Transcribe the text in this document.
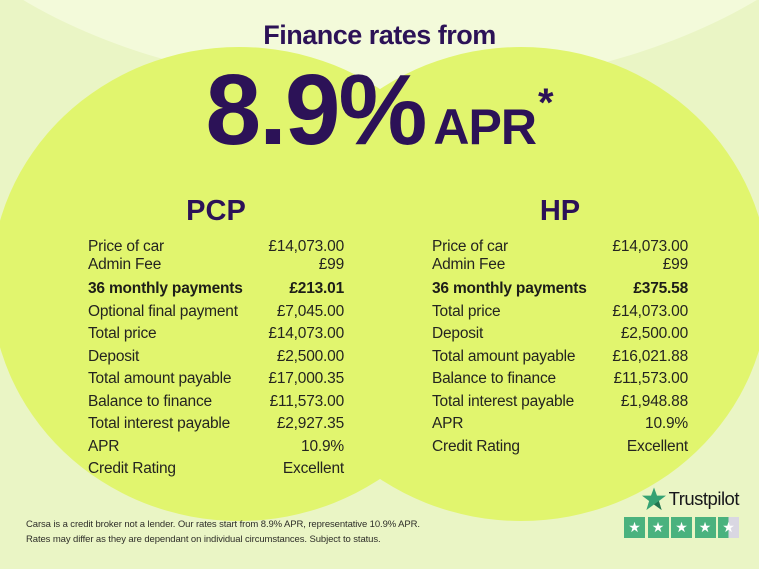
Finance rates from
8.9% APR*
PCP
Price of car	£14,073.00
Admin Fee	£99
36 monthly payments	£213.01
Optional final payment	£7,045.00
Total price	£14,073.00
Deposit	£2,500.00
Total amount payable £17,000.35
Balance to finance	£11,573.00
Total interest payable	£2,927.35
APR	10.9%
Credit Rating	Excellent
HP
Price of car	£14,073.00
Admin Fee	£99
36 monthly payments	£375.58
Total price	£14,073.00
Deposit	£2,500.00
Total amount payable £16,021.88
Balance to finance	£11,573.00
Total interest payable	£1,948.88
APR	10.9%
Credit Rating	Excellent
Carsa is a credit broker not a lender. Our rates start from 8.9% APR, representative 10.9% APR.
Rates may differ as they are dependant on individual circumstances. Subject to status.
Trustpilot
★ ★ ★ ★ ★
